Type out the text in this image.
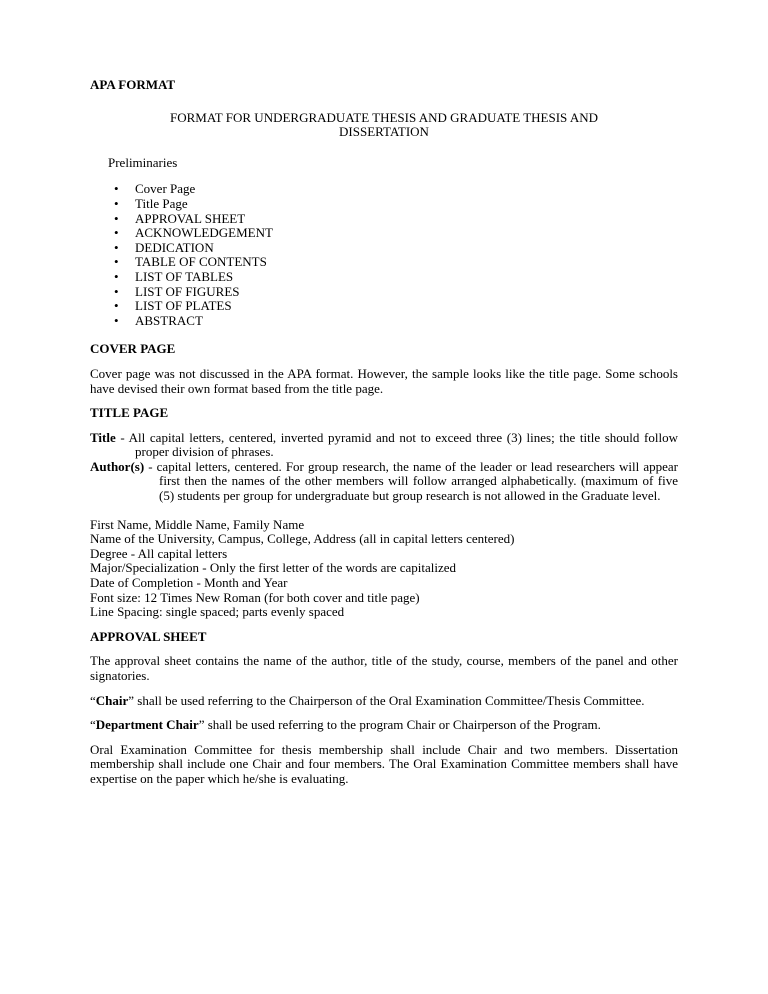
APA FORMAT

FORMAT FOR UNDERGRADUATE THESIS AND GRADUATE THESIS AND

DISSERTATION

Preliminaries

•	Cover Page
•	Title Page
•	APPROVAL SHEET
•	ACKNOWLEDGEMENT
•	DEDICATION
•	TABLE OF CONTENTS
•	LIST OF TABLES
•	LIST OF FIGURES
•	LIST OF PLATES
•	ABSTRACT

COVER PAGE

Cover page was not discussed in the APA format. However, the sample looks like the title page. Some schools have devised their own format based from the title page.

TITLE PAGE

Title - All capital letters, centered, inverted pyramid and not to exceed three (3) lines; the title should follow proper division of phrases.

Author(s) - capital letters, centered. For group research, the name of the leader or lead researchers will appear first then the names of the other members will follow arranged alphabetically. (maximum of five (5) students per group for undergraduate but group research is not allowed in the Graduate level.

First Name, Middle Name, Family Name

Name of the University, Campus, College, Address (all in capital letters centered)

Degree - All capital letters

Major/Specialization - Only the first letter of the words are capitalized

Date of Completion - Month and Year

Font size: 12 Times New Roman (for both cover and title page)

Line Spacing: single spaced; parts evenly spaced

APPROVAL SHEET

The approval sheet contains the name of the author, title of the study, course, members of the panel and other signatories.

“Chair” shall be used referring to the Chairperson of the Oral Examination Committee/Thesis Committee.

“Department Chair” shall be used referring to the program Chair or Chairperson of the Program.

Oral Examination Committee for thesis membership shall include Chair and two members. Dissertation membership shall include one Chair and four members. The Oral Examination Committee members shall have expertise on the paper which he/she is evaluating.
